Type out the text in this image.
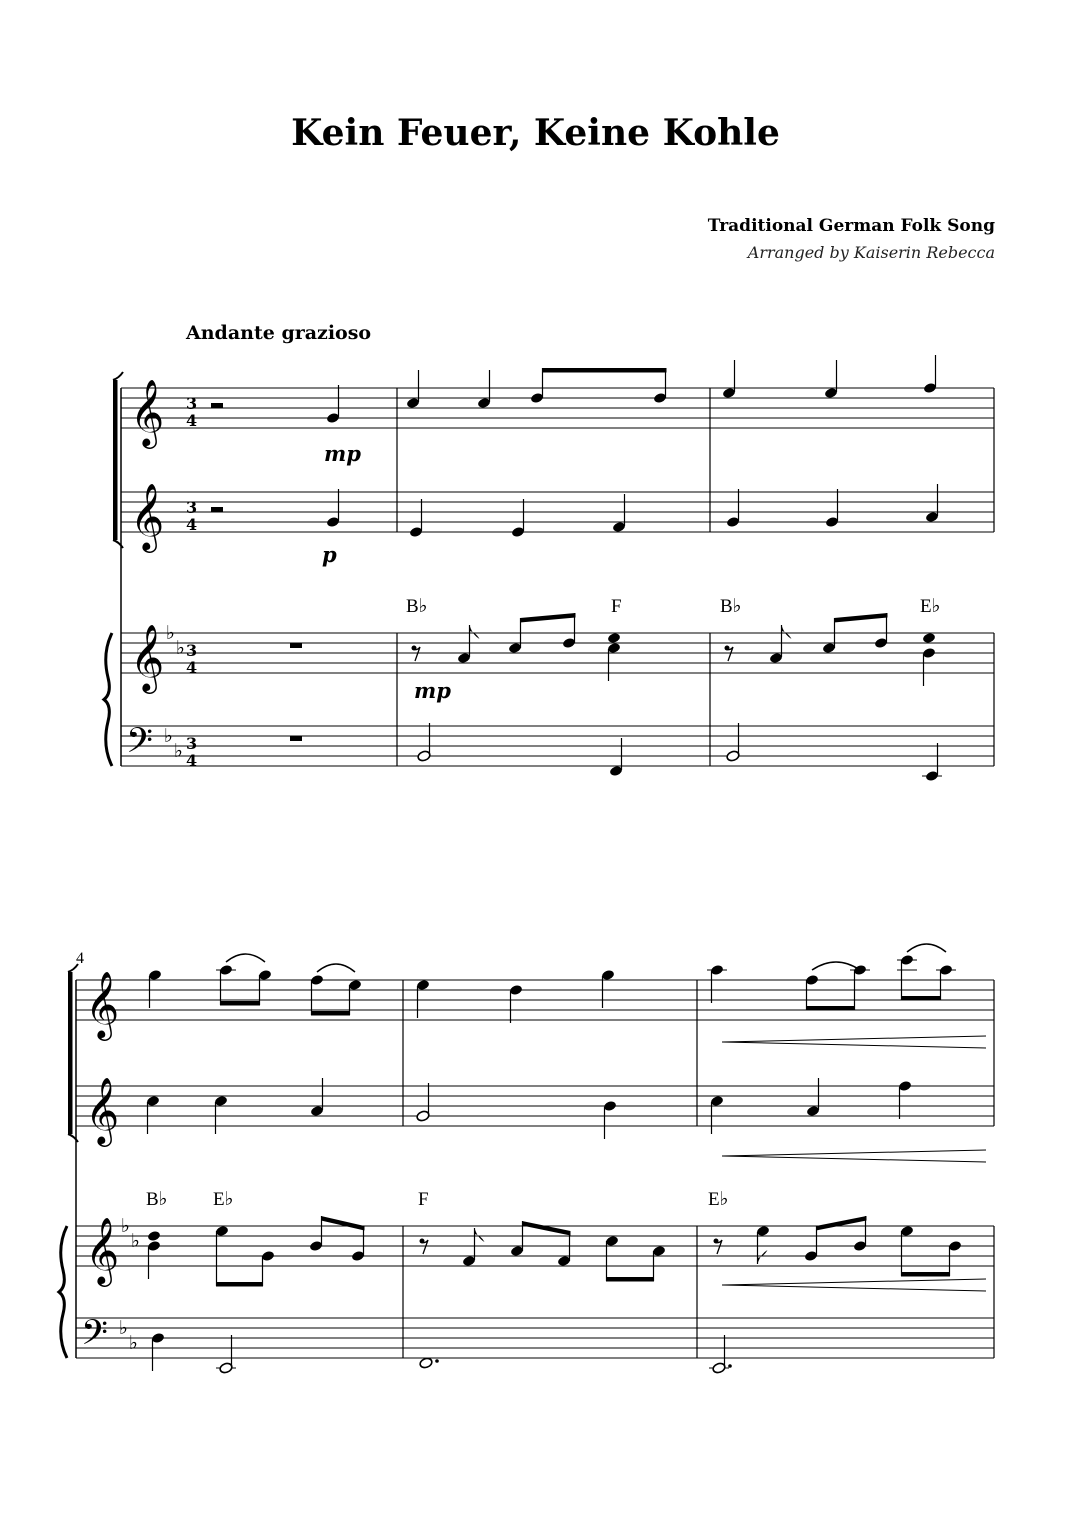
Kein Feuer, Keine Kohle
Traditional German Folk Song
Arranged by Kaiserin Rebecca
Andante grazioso
𝄞
𝄞
𝄞
𝄢
♭
♭
♭
♭
𝄞
𝄞
𝄞
𝄢
♭
♭
♭
♭
B♭	F	B♭	E♭
B♭ E♭	F	E♭
mp
p
mp
4
3
4
3
4
3
4
3
4
